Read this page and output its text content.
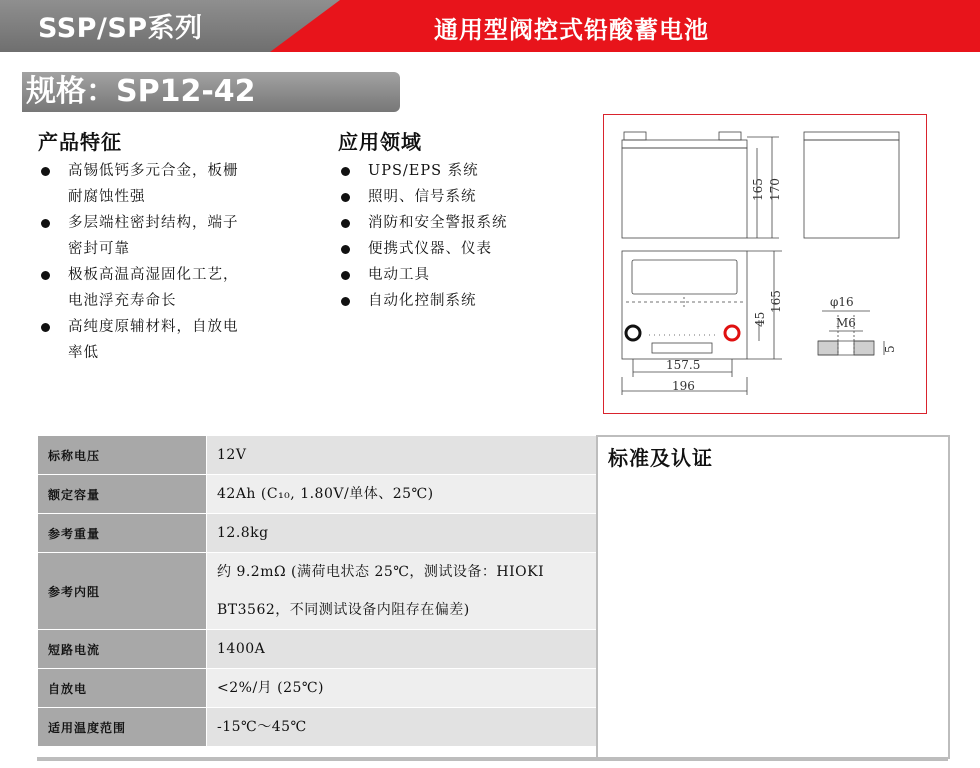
SSP/SP系列	通用型阀控式铅酸蓄电池
规格：SP12-42
产品特征
高锡低钙多元合金，板栅
耐腐蚀性强
多层端柱密封结构，端子
密封可靠
极板高温高湿固化工艺，
电池浮充寿命长
高纯度原辅材料，自放电
率低
应用领域
UPS/EPS 系统
照明、信号系统
消防和安全警报系统
便携式仪器、仪表
电动工具
自动化控制系统
165 170
165
45
157.5
196
φ16
M6
5
标称电压	12V
额定容量	42Ah (C₁₀, 1.80V/单体、25℃)
参考重量	12.8kg
参考内阻	约 9.2mΩ (满荷电状态 25℃，测试设备：HIOKI
BT3562，不同测试设备内阻存在偏差)
短路电流	1400A
自放电	<2%/月 (25℃)
适用温度范围	-15℃～45℃
标准及认证
